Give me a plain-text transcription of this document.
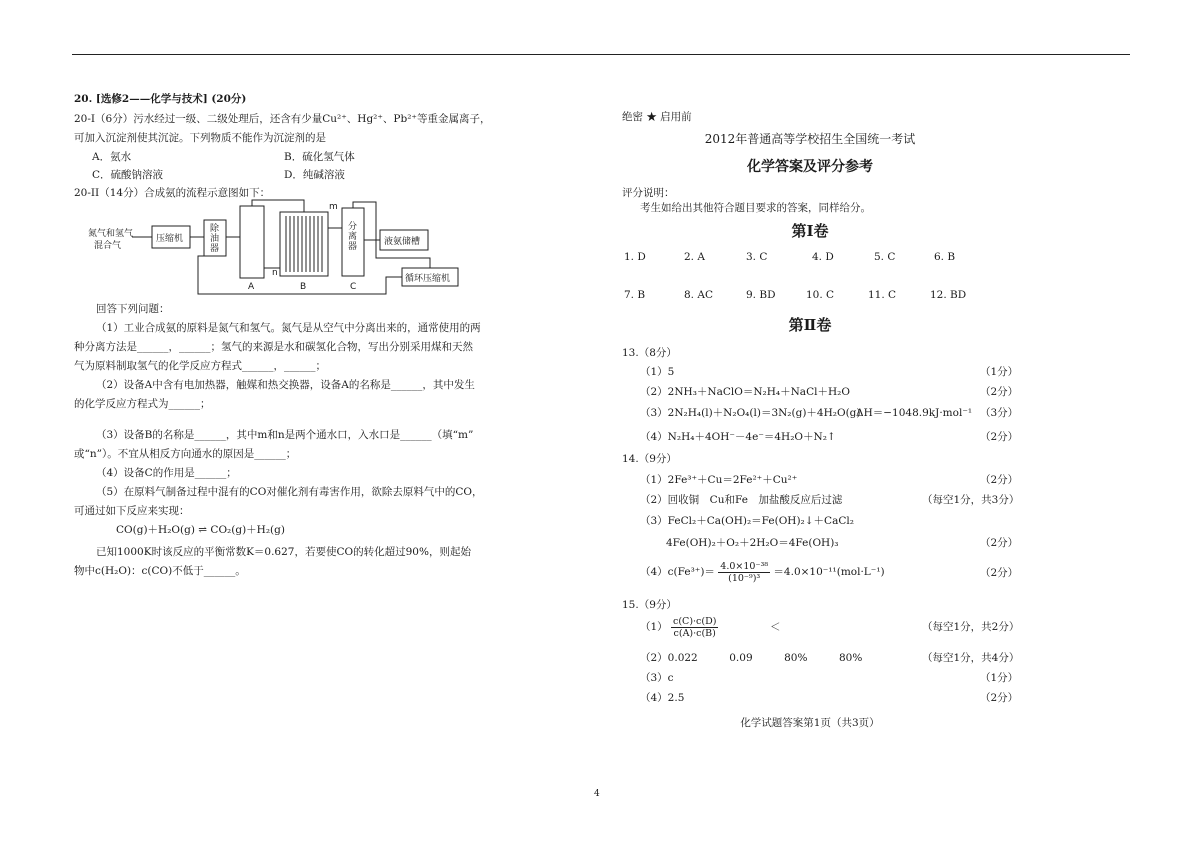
20. [选修2——化学与技术] (20分)
20-I（6分）污水经过一级、二级处理后，还含有少量Cu²⁺、Hg²⁺、Pb²⁺等重金属离子，
可加入沉淀剂使其沉淀。下列物质不能作为沉淀剂的是
A．氨水	B．硫化氢气体
C．硫酸钠溶液	D．纯碱溶液
20-II（14分）合成氨的流程示意图如下：
氮气和氢气
混合气
压缩机
除油器
分离器	液氨储槽
循环压缩机
A	B	C
m
n
回答下列问题：
（1）工业合成氨的原料是氮气和氢气。氮气是从空气中分离出来的，通常使用的两
种分离方法是______，______；氢气的来源是水和碳氢化合物，写出分别采用煤和天然
气为原料制取氢气的化学反应方程式______，______；
（2）设备A中含有电加热器，触媒和热交换器，设备A的名称是______，其中发生
的化学反应方程式为______；
（3）设备B的名称是______，其中m和n是两个通水口，入水口是______（填“m”
或“n”）。不宜从相反方向通水的原因是______；
（4）设备C的作用是______；
（5）在原料气制备过程中混有的CO对催化剂有毒害作用，欲除去原料气中的CO，
可通过如下反应来实现：
CO(g)＋H₂O(g) ⇌ CO₂(g)＋H₂(g)
已知1000K时该反应的平衡常数K＝0.627，若要使CO的转化超过90%，则起始
物中c(H₂O)：c(CO)不低于______。
绝密 ★ 启用前
2012年普通高等学校招生全国统一考试
化学答案及评分参考
评分说明：
考生如给出其他符合题目要求的答案，同样给分。
第Ⅰ卷
1. D	2. A	3. C	4. D	5. C	6. B
7. B	8. AC	9. BD	10. C	11. C	12. BD
第Ⅱ卷
13.（8分）
（1）5	（1分）
（2）2NH₃＋NaClO＝N₂H₄＋NaCl＋H₂O	（2分）
（3）2N₂H₄(l)＋N₂O₄(l)＝3N₂(g)＋4H₂O(g)
ΔH＝−1048.9kJ·mol⁻¹ （3分）
（4）N₂H₄＋4OH⁻－4e⁻＝4H₂O＋N₂↑	（2分）
14.（9分）
（1）2Fe³⁺＋Cu＝2Fe²⁺＋Cu²⁺	（2分）
（2）回收铜　Cu和Fe　加盐酸反应后过滤	（每空1分，共3分）
（3）FeCl₂＋Ca(OH)₂＝Fe(OH)₂↓＋CaCl₂
4Fe(OH)₂＋O₂＋2H₂O＝4Fe(OH)₃	（2分）
$(4)c(Fe^{3+})= \frac{\text{4.0×10⁻³⁸}}{\text{(10⁻⁹)³}} =4.0\times 10^{-11}(mol\cdot L^{-1})$	（2分）
15.（9分）
$(1) \frac{c(C)\cdot c(D)}{c(A)\cdot c(B)}$	＜	（每空1分，共2分）
（2）0.022　　　0.09　　　80%　　　80%	（每空1分，共4分）
（3）c	（1分）
（4）2.5	（2分）
化学试题答案第1页（共3页）
4
